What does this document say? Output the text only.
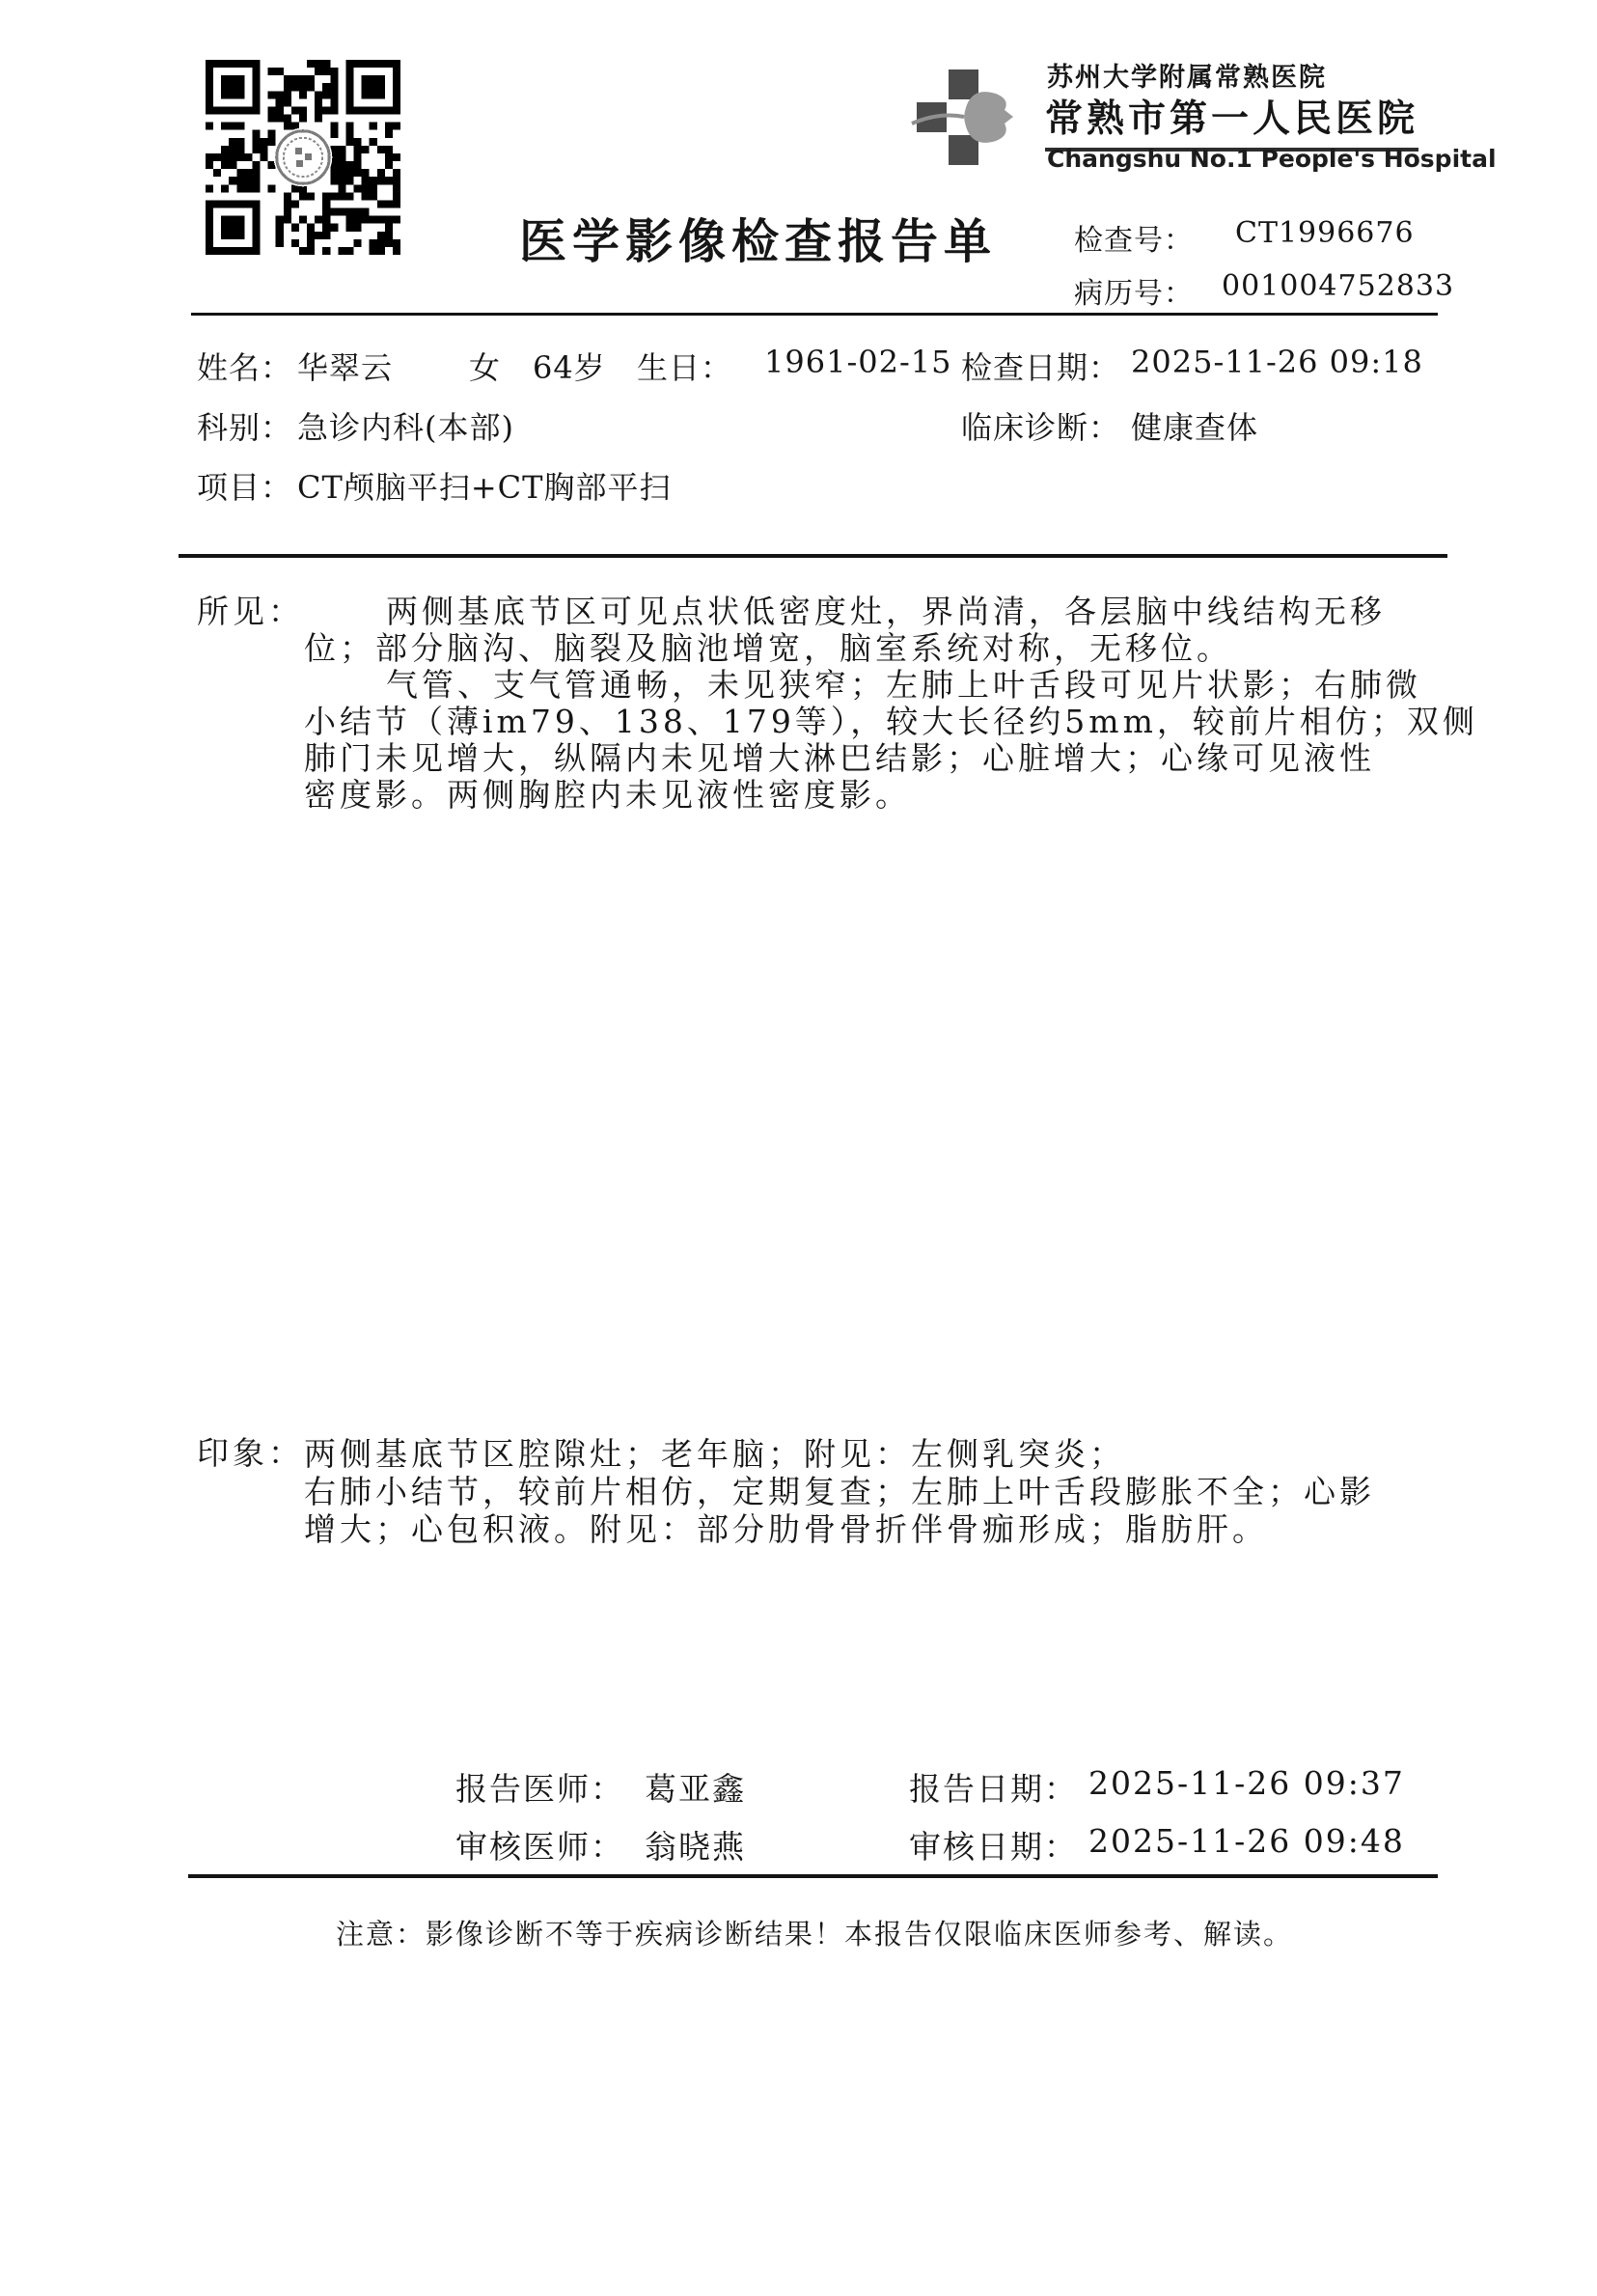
苏州大学附属常熟医院
常熟市第一人民医院
Changshu No.1 People's Hospital
医学影像检查报告单	检查号： CT1996676
病历号： 001004752833
姓名： 华翠云 女 64岁 生日： 1961-02-15 检查日期： 2025-11-26 09:18
科别： 急诊内科(本部)	临床诊断： 健康查体
项目： CT颅脑平扫+CT胸部平扫
所见：	两侧基底节区可见点状低密度灶，界尚清，各层脑中线结构无移
位；部分脑沟、脑裂及脑池增宽，脑室系统对称，无移位。
气管、支气管通畅，未见狭窄；左肺上叶舌段可见片状影；右肺微
小结节（薄im79、138、179等），较大长径约5mm，较前片相仿；双侧
肺门未见增大，纵隔内未见增大淋巴结影；心脏增大；心缘可见液性
密度影。两侧胸腔内未见液性密度影。
印象： 两侧基底节区腔隙灶；老年脑；附见：左侧乳突炎；
右肺小结节，较前片相仿，定期复查；左肺上叶舌段膨胀不全；心影
增大；心包积液。附见：部分肋骨骨折伴骨痂形成；脂肪肝。
报告医师： 葛亚鑫	报告日期： 2025-11-26 09:37
审核医师： 翁晓燕	审核日期： 2025-11-26 09:48
注意：影像诊断不等于疾病诊断结果！本报告仅限临床医师参考、解读。
